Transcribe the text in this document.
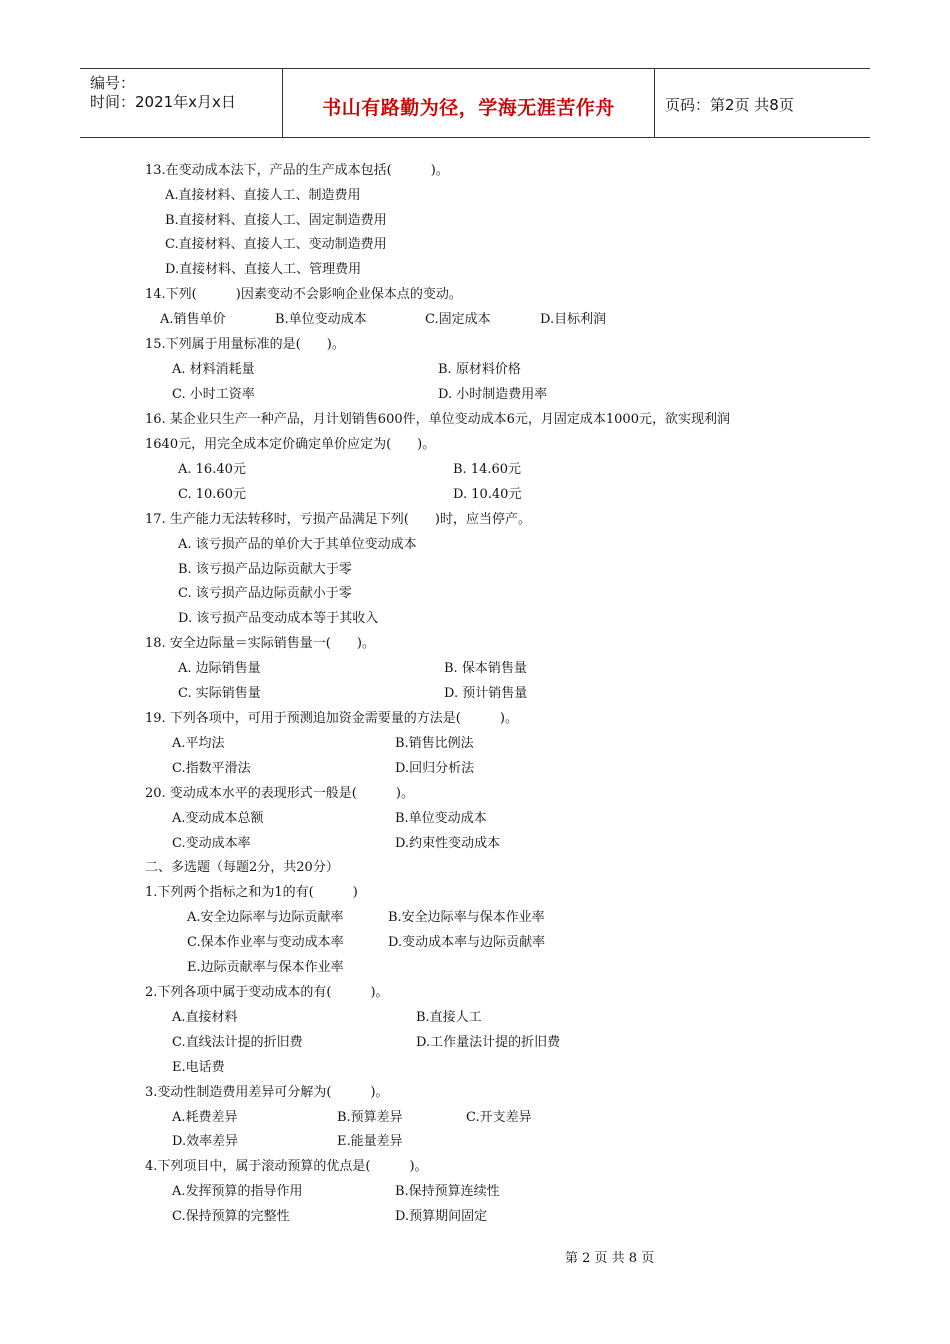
编号：
时间：2021年x月x日	书山有路勤为径，学海无涯苦作舟	页码：第2页 共8页
13.在变动成本法下，产品的生产成本包括(　　　)。
A.直接材料、直接人工、制造费用
B.直接材料、直接人工、固定制造费用
C.直接材料、直接人工、变动制造费用
D.直接材料、直接人工、管理费用
14.下列(　　　)因素变动不会影响企业保本点的变动。
A.销售单价	B.单位变动成本	C.固定成本	D.目标利润
15.下列属于用量标准的是(　　)。
A. 材料消耗量	B. 原材料价格
C. 小时工资率	D. 小时制造费用率
16. 某企业只生产一种产品，月计划销售600件，单位变动成本6元，月固定成本1000元，欲实现利润
1640元，用完全成本定价确定单价应定为(　　)。
A. 16.40元	B. 14.60元
C. 10.60元	D. 10.40元
17. 生产能力无法转移时，亏损产品满足下列(　　)时，应当停产。
A. 该亏损产品的单价大于其单位变动成本
B. 该亏损产品边际贡献大于零
C. 该亏损产品边际贡献小于零
D. 该亏损产品变动成本等于其收入
18. 安全边际量＝实际销售量一(　　)。
A. 边际销售量	B. 保本销售量
C. 实际销售量	D. 预计销售量
19. 下列各项中，可用于预测追加资金需要量的方法是(　　　)。
A.平均法	B.销售比例法
C.指数平滑法	D.回归分析法
20. 变动成本水平的表现形式一般是(　　　)。
A.变动成本总额	B.单位变动成本
C.变动成本率	D.约束性变动成本
二、多选题（每题2分，共20分）
1.下列两个指标之和为1的有(　　　)
A.安全边际率与边际贡献率	B.安全边际率与保本作业率
C.保本作业率与变动成本率	D.变动成本率与边际贡献率
E.边际贡献率与保本作业率
2.下列各项中属于变动成本的有(　　　)。
A.直接材料	B.直接人工
C.直线法计提的折旧费	D.工作量法计提的折旧费
E.电话费
3.变动性制造费用差异可分解为(　　　)。
A.耗费差异	B.预算差异	C.开支差异
D.效率差异	E.能量差异
4.下列项目中，属于滚动预算的优点是(　　　)。
A.发挥预算的指导作用	B.保持预算连续性
C.保持预算的完整性	D.预算期间固定
第 2 页 共 8 页
